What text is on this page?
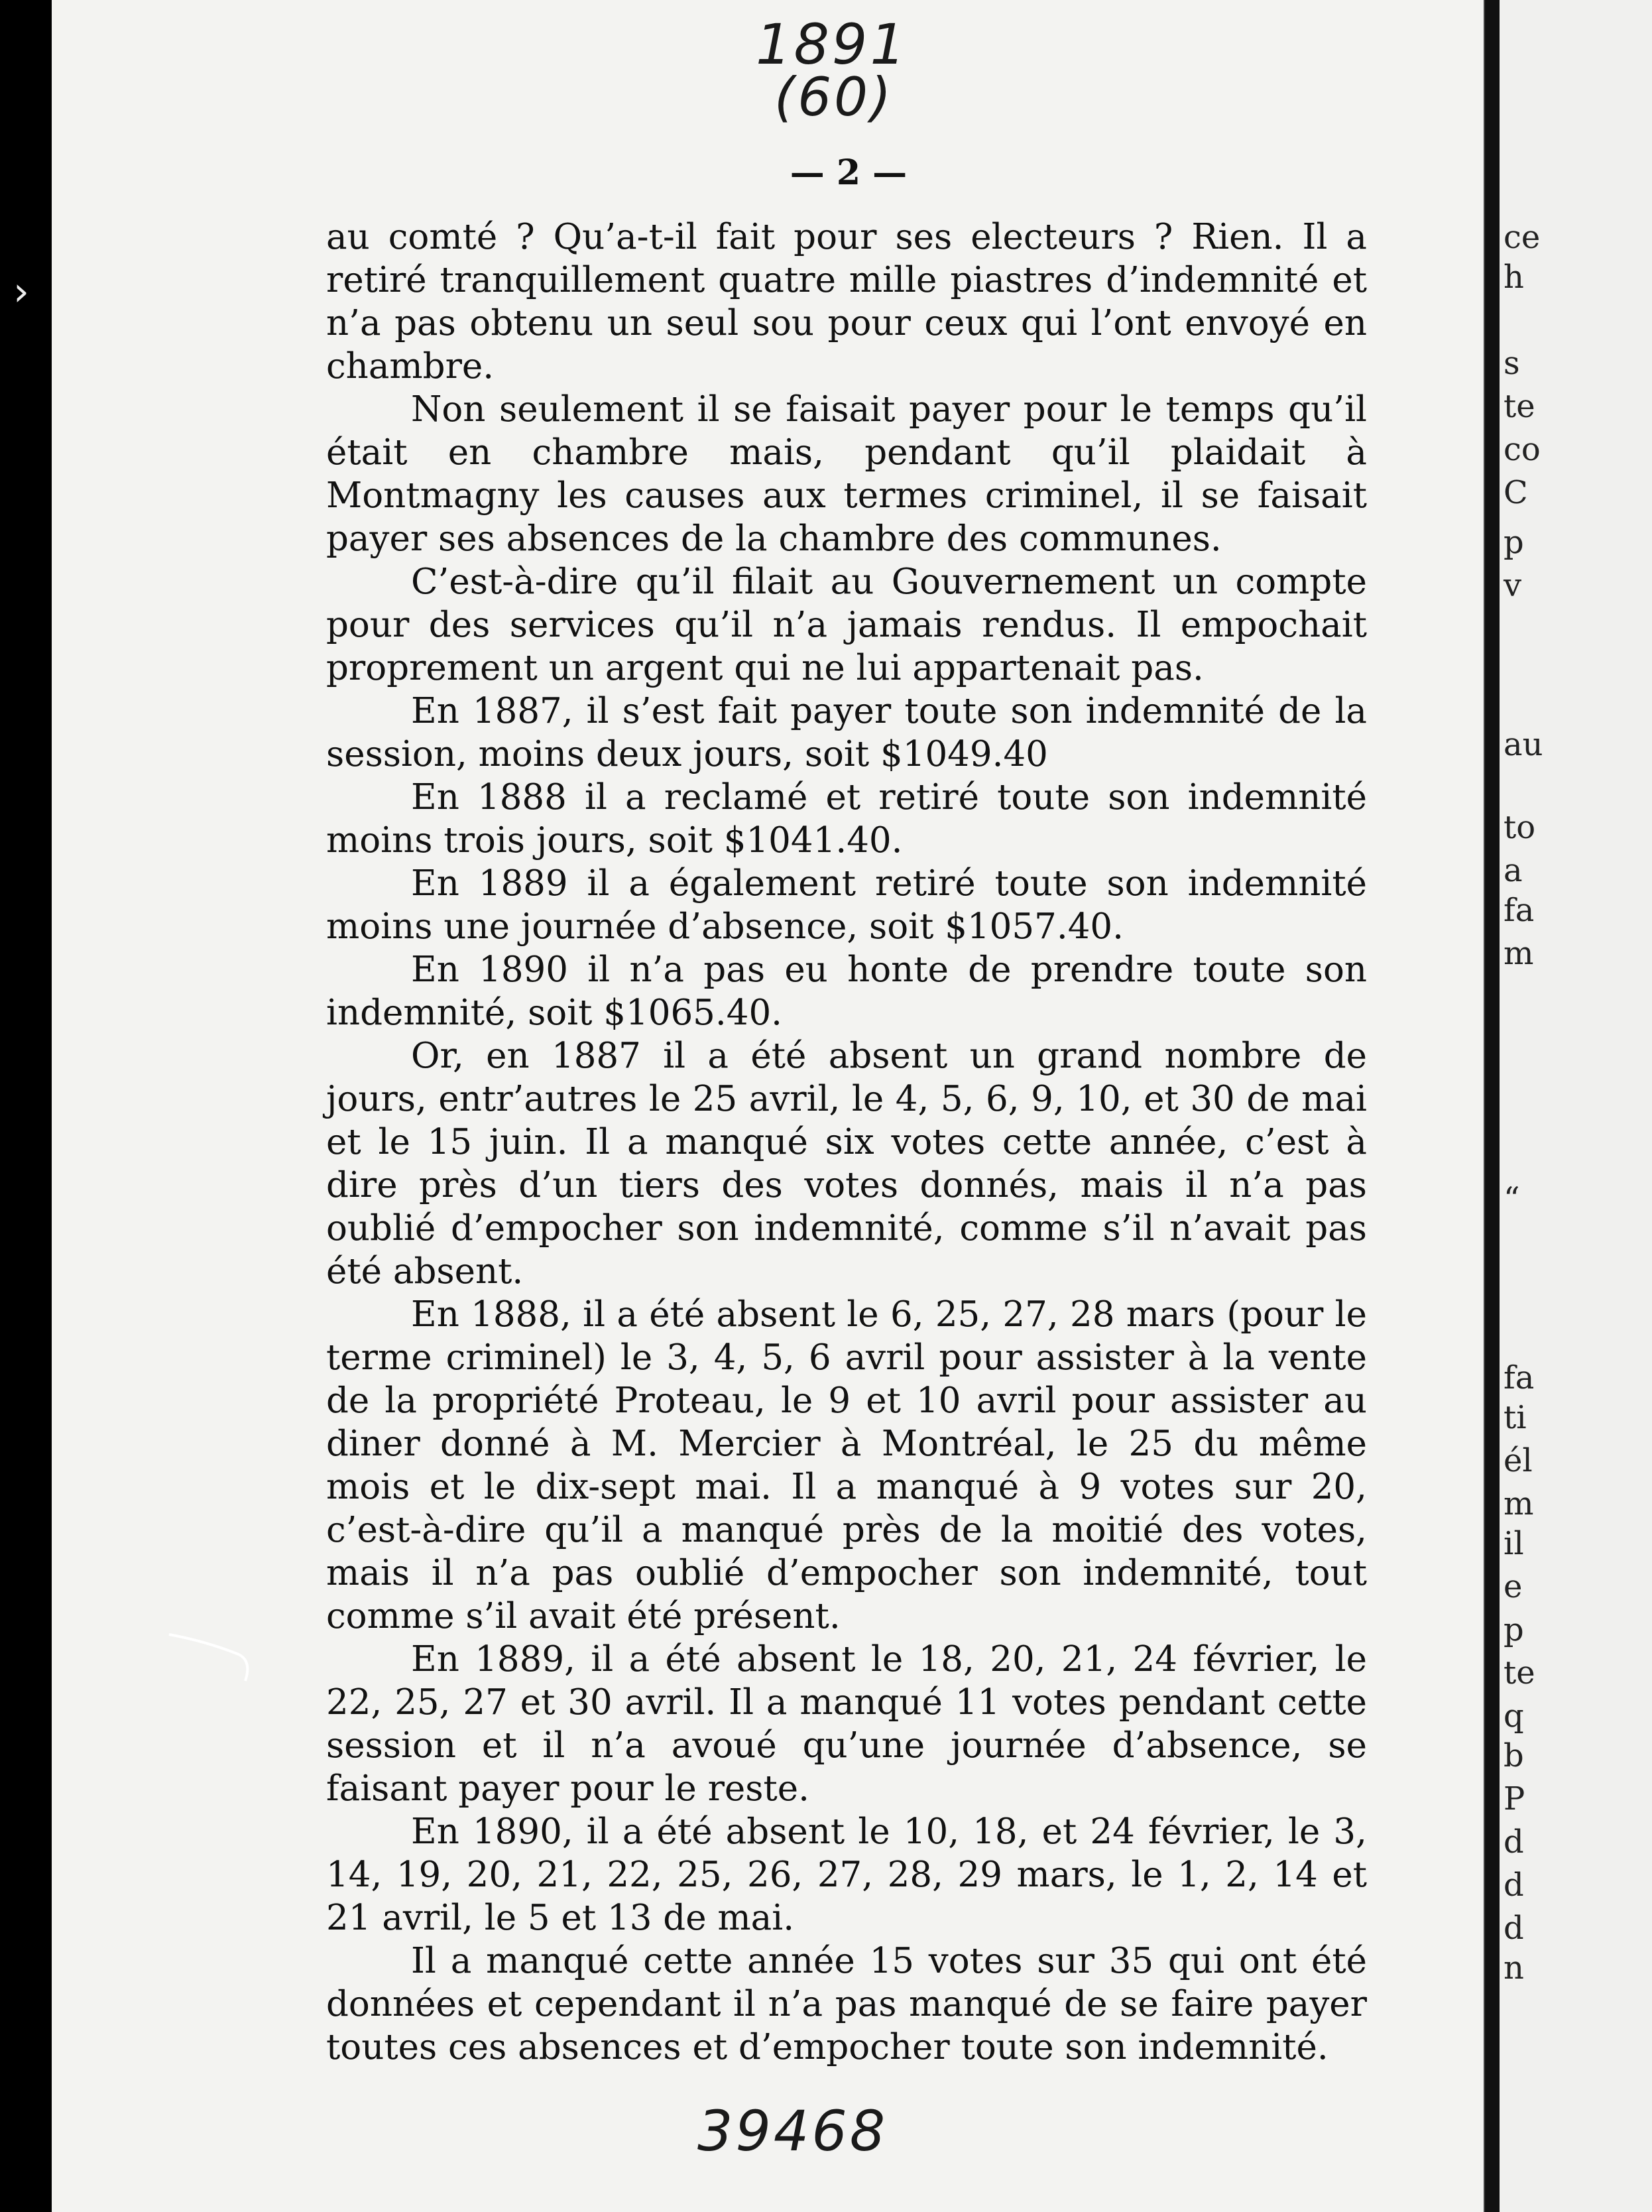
›
1891
(60)
— 2 —

au comté ? Qu’a-t-il fait pour ses electeurs ? Rien. Il a retiré tranquillement quatre mille piastres d’indemnité et n’a pas obtenu un seul sou pour ceux qui l’ont envoyé en chambre.

Non seulement il se faisait payer pour le temps qu’il était en chambre mais, pendant qu’il plaidait à Montmagny les causes aux termes criminel, il se faisait payer ses absences de la chambre des communes.

C’est-à-dire qu’il filait au Gouvernement un compte pour des services qu’il n’a jamais rendus. Il empochait proprement un argent qui ne lui appartenait pas.

En 1887, il s’est fait payer toute son indemnité de la session, moins deux jours, soit $1049.40

En 1888 il a reclamé et retiré toute son indemnité moins trois jours, soit $1041.40.

En 1889 il a également retiré toute son indemnité moins une journée d’absence, soit $1057.40.

En 1890 il n’a pas eu honte de prendre toute son indemnité, soit $1065.40.

Or, en 1887 il a été absent un grand nombre de jours, entr’autres le 25 avril, le 4, 5, 6, 9, 10, et 30 de mai et le 15 juin. Il a manqué six votes cette année, c’est à dire près d’un tiers des votes donnés, mais il n’a pas oublié d’empocher son indemnité, comme s’il n’avait pas été absent.

En 1888, il a été absent le 6, 25, 27, 28 mars (pour le terme criminel) le 3, 4, 5, 6 avril pour assister à la vente de la propriété Proteau, le 9 et 10 avril pour assister au diner donné à M. Mercier à Montréal, le 25 du même mois et le dix-sept mai. Il a manqué à 9 votes sur 20, c’est-à-dire qu’il a manqué près de la moitié des votes, mais il n’a pas oublié d’empocher son indemnité, tout comme s’il avait été présent.

En 1889, il a été absent le 18, 20, 21, 24 février, le 22, 25, 27 et 30 avril. Il a manqué 11 votes pendant cette session et il n’a avoué qu’une journée d’absence, se faisant payer pour le reste.

En 1890, il a été absent le 10, 18, et 24 février, le 3, 14, 19, 20, 21, 22, 25, 26, 27, 28, 29 mars, le 1, 2, 14 et 21 avril, le 5 et 13 de mai.

Il a manqué cette année 15 votes sur 35 qui ont été données et cependant il n’a pas manqué de se faire payer toutes ces absences et d’empocher toute son indemnité.

39468
ce
h
s
te
co
C
p
v
au
to
a
fa
m
“
fa
ti
él
m
il
e
p
te
q
b
P
d
d
d
n
